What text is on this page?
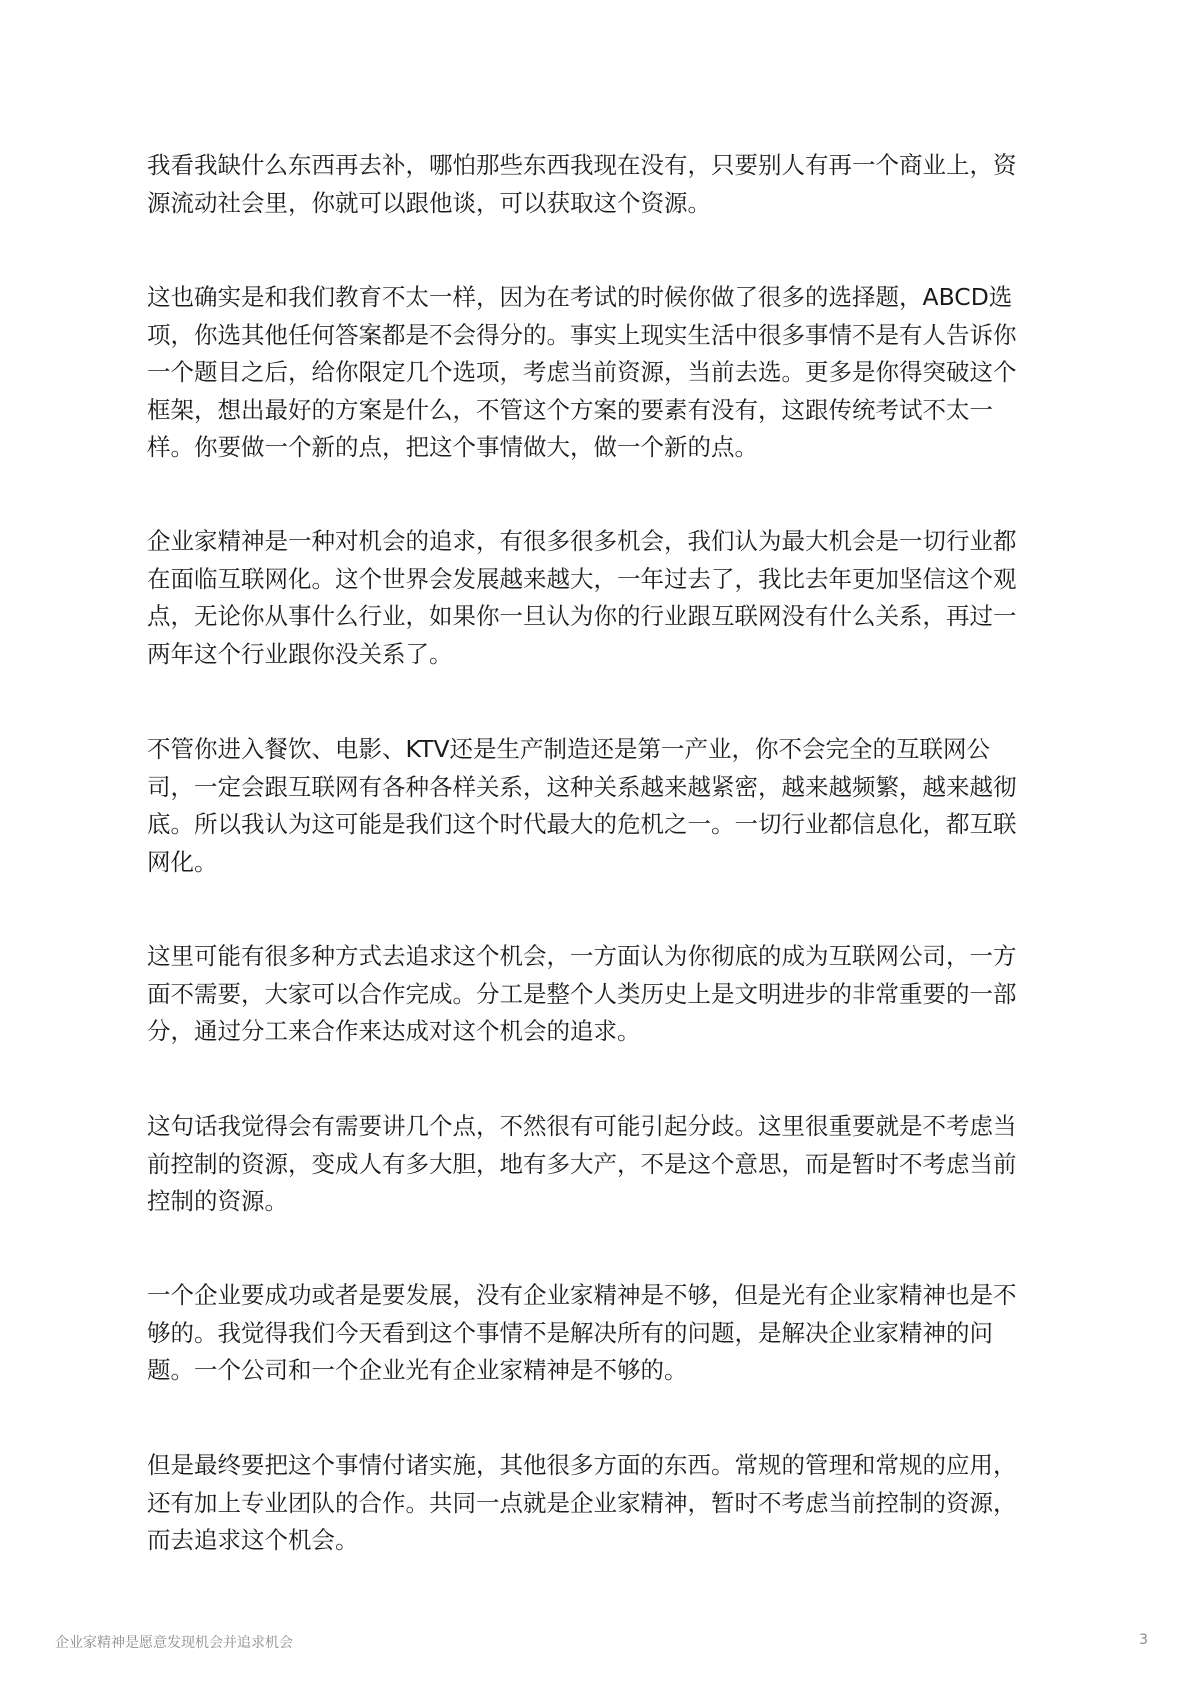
我看我缺什么东西再去补，哪怕那些东西我现在没有，只要别人有再一个商业上，资
源流动社会里，你就可以跟他谈，可以获取这个资源。
这也确实是和我们教育不太一样，因为在考试的时候你做了很多的选择题，ABCD选
项，你选其他任何答案都是不会得分的。事实上现实生活中很多事情不是有人告诉你
一个题目之后，给你限定几个选项，考虑当前资源，当前去选。更多是你得突破这个
框架，想出最好的方案是什么，不管这个方案的要素有没有，这跟传统考试不太一
样。你要做一个新的点，把这个事情做大，做一个新的点。
企业家精神是一种对机会的追求，有很多很多机会，我们认为最大机会是一切行业都
在面临互联网化。这个世界会发展越来越大，一年过去了，我比去年更加坚信这个观
点，无论你从事什么行业，如果你一旦认为你的行业跟互联网没有什么关系，再过一
两年这个行业跟你没关系了。
不管你进入餐饮、电影、KTV还是生产制造还是第一产业，你不会完全的互联网公
司，一定会跟互联网有各种各样关系，这种关系越来越紧密，越来越频繁，越来越彻
底。所以我认为这可能是我们这个时代最大的危机之一。一切行业都信息化，都互联
网化。
这里可能有很多种方式去追求这个机会，一方面认为你彻底的成为互联网公司，一方
面不需要，大家可以合作完成。分工是整个人类历史上是文明进步的非常重要的一部
分，通过分工来合作来达成对这个机会的追求。
这句话我觉得会有需要讲几个点，不然很有可能引起分歧。这里很重要就是不考虑当
前控制的资源，变成人有多大胆，地有多大产，不是这个意思，而是暂时不考虑当前
控制的资源。
一个企业要成功或者是要发展，没有企业家精神是不够，但是光有企业家精神也是不
够的。我觉得我们今天看到这个事情不是解决所有的问题，是解决企业家精神的问
题。一个公司和一个企业光有企业家精神是不够的。
但是最终要把这个事情付诸实施，其他很多方面的东西。常规的管理和常规的应用，
还有加上专业团队的合作。共同一点就是企业家精神，暂时不考虑当前控制的资源，
而去追求这个机会。
企业家精神是愿意发现机会并追求机会	3
